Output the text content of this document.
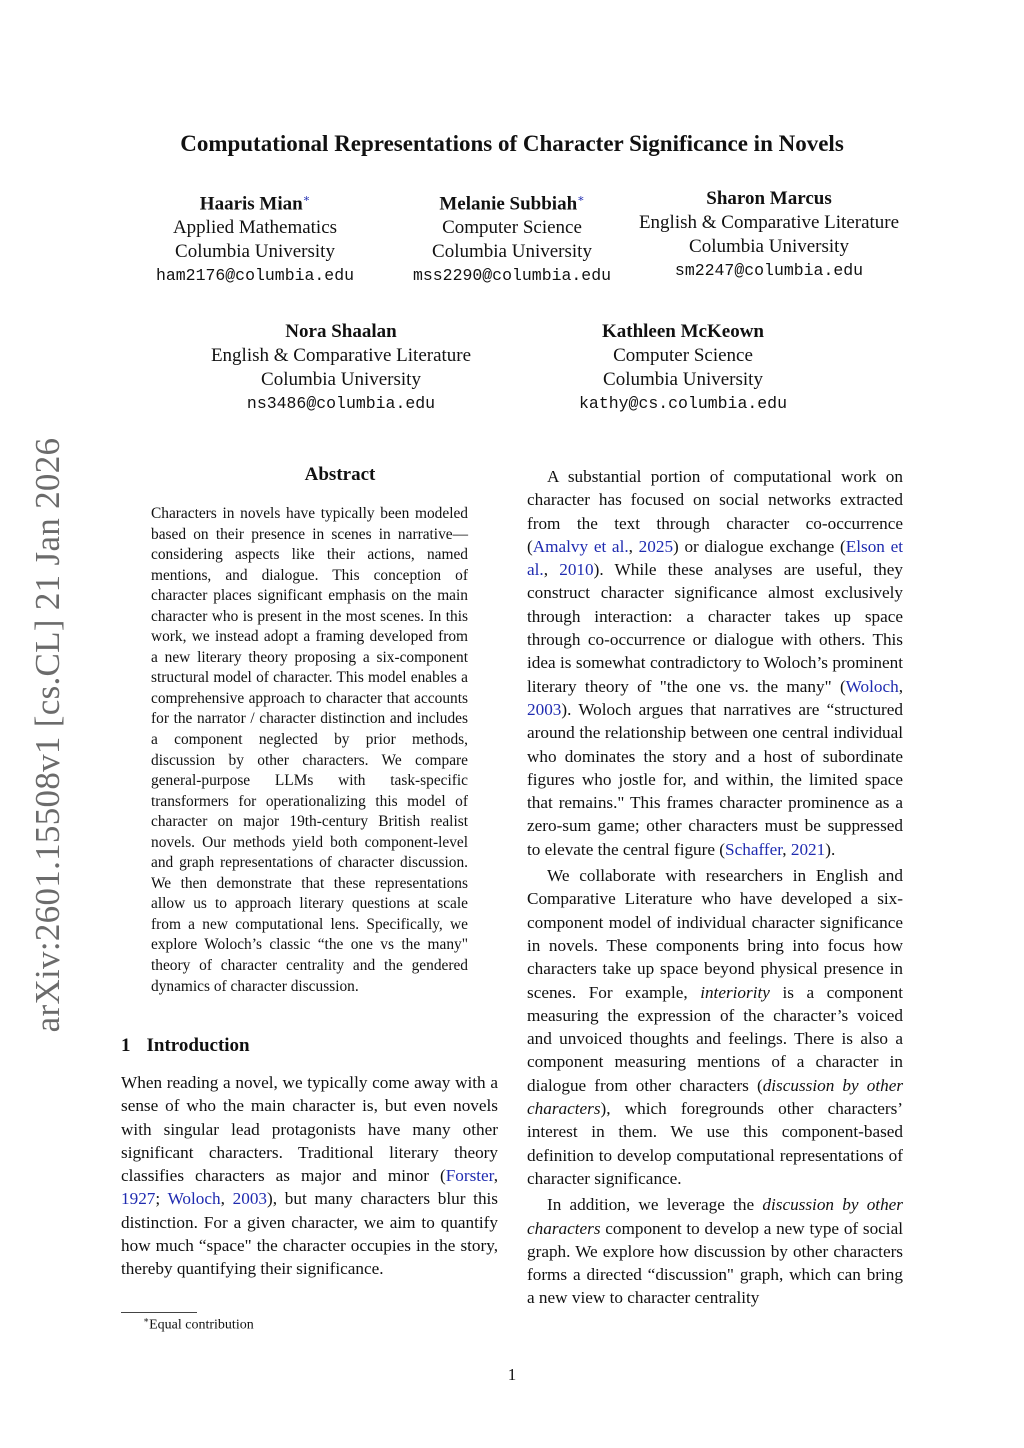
arXiv:2601.15508v1 [cs.CL] 21 Jan 2026
Computational Representations of Character Significance in Novels
Haaris Mian∗
Applied Mathematics
Columbia University
ham2176@columbia.edu
Melanie Subbiah∗
Computer Science
Columbia University
mss2290@columbia.edu
Sharon Marcus
English & Comparative Literature
Columbia University
sm2247@columbia.edu
Nora Shaalan
English & Comparative Literature
Columbia University
ns3486@columbia.edu
Kathleen McKeown
Computer Science
Columbia University
kathy@cs.columbia.edu
Abstract

Characters in novels have typically been modeled based on their presence in scenes in narrative—considering aspects like their actions, named mentions, and dialogue. This conception of character places significant emphasis on the main character who is present in the most scenes. In this work, we instead adopt a framing developed from a new literary theory proposing a six-component structural model of character. This model enables a comprehensive approach to character that accounts for the narrator / character distinction and includes a component neglected by prior methods, discussion by other characters. We compare general-purpose LLMs with task-specific transformers for operationalizing this model of character on major 19th-century British realist novels. Our methods yield both component-level and graph representations of character discussion. We then demonstrate that these representations allow us to approach literary questions at scale from a new computational lens. Specifically, we explore Woloch’s classic “the one vs the many" theory of character centrality and the gendered dynamics of character discussion.

1 Introduction

When reading a novel, we typically come away with a sense of who the main character is, but even novels with singular lead protagonists have many other significant characters. Traditional literary theory classifies characters as major and minor (Forster, 1927; Woloch, 2003), but many characters blur this distinction. For a given character, we aim to quantify how much “space" the character occupies in the story, thereby quantifying their significance.

A substantial portion of computational work on character has focused on social networks extracted from the text through character co-occurrence (Amalvy et al., 2025) or dialogue exchange (Elson et al., 2010). While these analyses are useful, they construct character significance almost exclusively through interaction: a character takes up space through co-occurrence or dialogue with others. This idea is somewhat contradictory to Woloch’s prominent literary theory of "the one vs. the many" (Woloch, 2003). Woloch argues that narratives are “structured around the relationship between one central individual who dominates the story and a host of subordinate figures who jostle for, and within, the limited space that remains." This frames character prominence as a zero-sum game; other characters must be suppressed to elevate the central figure (Schaffer, 2021).

We collaborate with researchers in English and Comparative Literature who have developed a six-component model of individual character significance in novels. These components bring into focus how characters take up space beyond physical presence in scenes. For example, interiority is a component measuring the expression of the character’s voiced and unvoiced thoughts and feelings. There is also a component measuring mentions of a character in dialogue from other characters (discussion by other characters), which foregrounds other characters’ interest in them. We use this component-based definition to develop computational representations of character significance.

In addition, we leverage the discussion by other characters component to develop a new type of social graph. We explore how discussion by other characters forms a directed “discussion" graph, which can bring a new view to character centrality

∗Equal contribution
1
